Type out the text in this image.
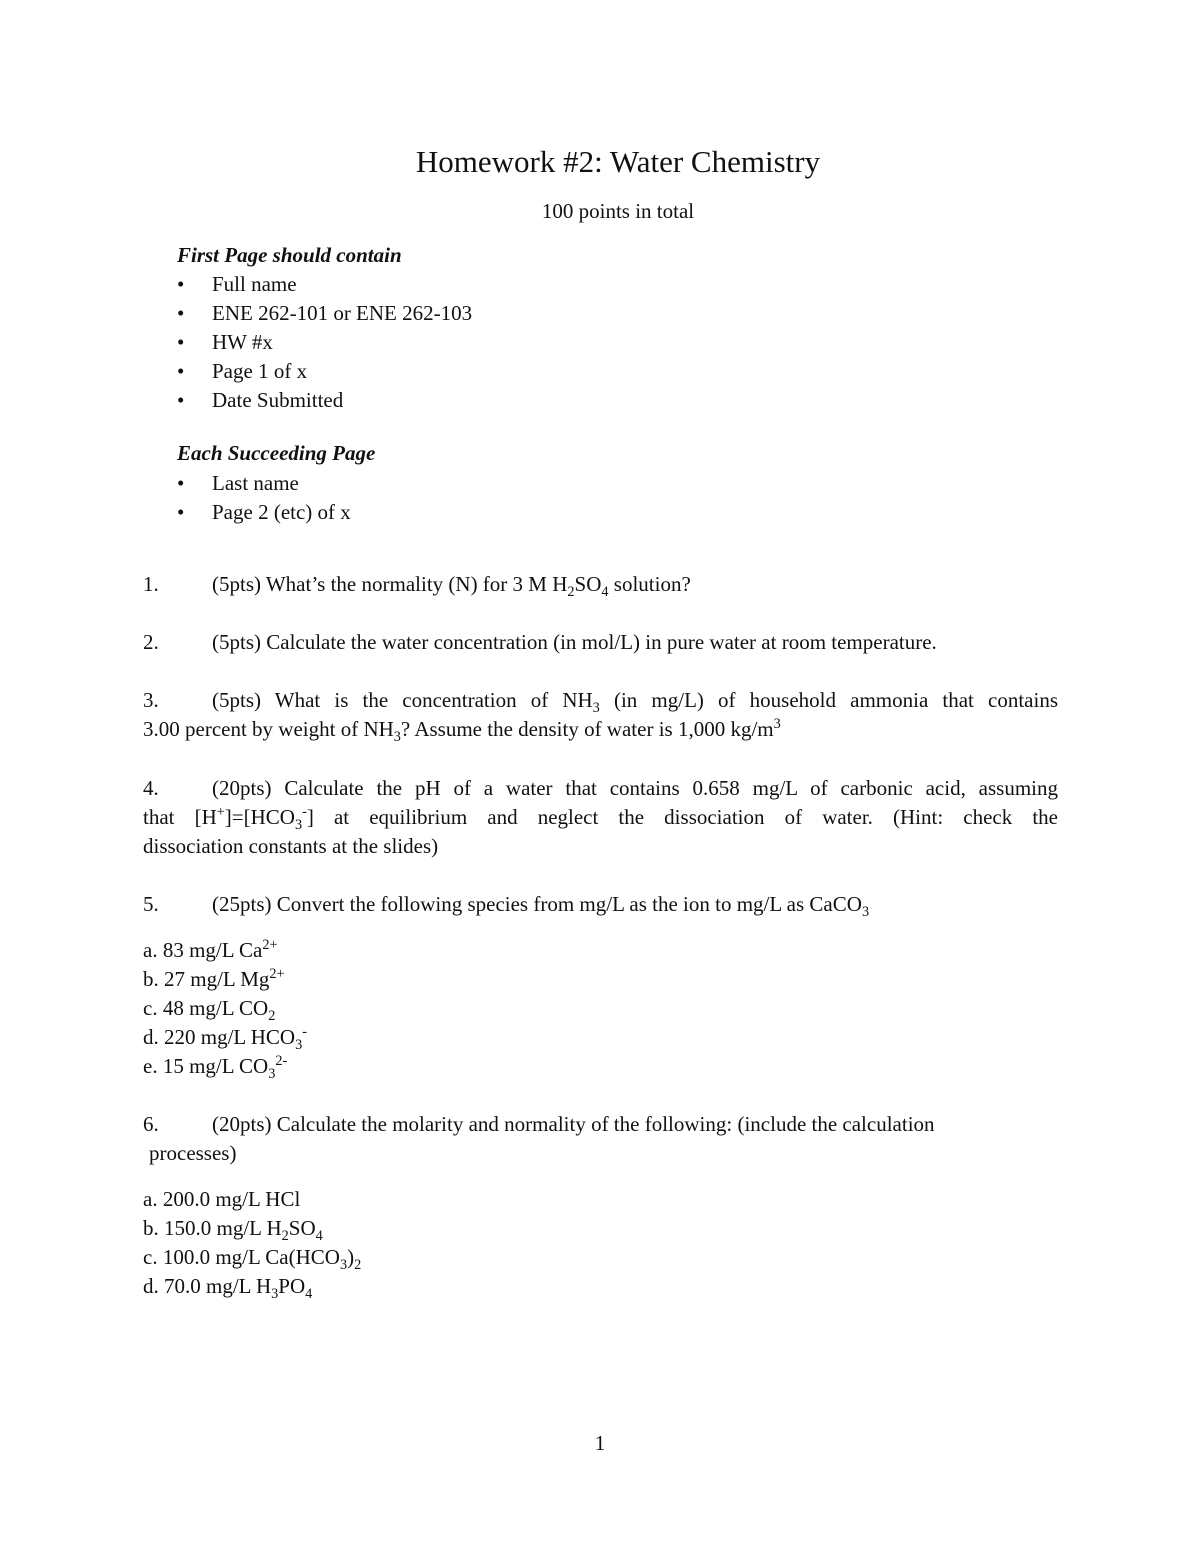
Homework #2: Water Chemistry
100 points in total
First Page should contain
• Full name
• ENE 262-101 or ENE 262-103
• HW #x
• Page 1 of x
• Date Submitted
Each Succeeding Page
• Last name
• Page 2 (etc) of x
1.	(5pts) What’s the normality (N) for 3 M $H_2SO_4$ solution?
2.	(5pts) Calculate the water concentration (in mol/L) in pure water at room temperature.
3.	(5pts) What is the concentration of $NH_3$ (in mg/L) of household ammonia that contains
3.00 percent by weight of $NH_3$? Assume the density of water is 1,000 $kg/m^3$
4.	(20pts) Calculate the pH of a water that contains 0.658 mg/L of carbonic acid, assuming
that $[H^+]=[HCO_3^-]$ at equilibrium and neglect the dissociation of water. (Hint: check the
dissociation constants at the slides)
5.	(25pts) Convert the following species from mg/L as the ion to mg/L as CaCO$_3$
a. 83 mg/L $Ca^{2+}$
b. 27 mg/L $Mg^{2+}$
c. 48 mg/L $CO_2$
d. 220 mg/L $HCO_3^-$
e. 15 mg/L $CO_3^{2-}$
6.	(20pts) Calculate the molarity and normality of the following: (include the calculation
processes)
a. 200.0 mg/L HCl
b. 150.0 mg/L $H_2SO_4$
c. 100.0 mg/L $Ca(HCO_3)_2$
d. 70.0 mg/L $H_3PO_4$
1
